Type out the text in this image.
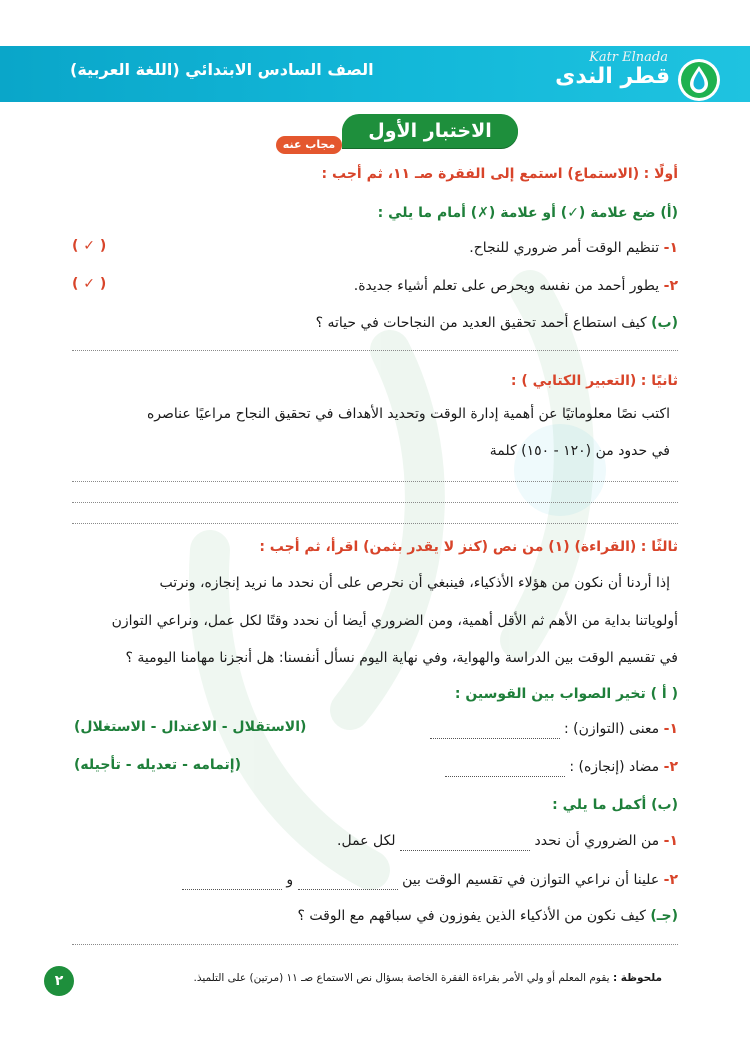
الصف السادس الابتدائي (اللغة العربية)
Katr Elnada
قطر الندى
الاختبار الأول
مجاب عنه
أولًا : (الاستماع) استمع إلى الفقرة صـ ١١، ثم أجب :
(أ) ضع علامة (✓) أو علامة (✗) أمام ما يلي :
١- تنظيم الوقت أمر ضروري للنجاح.
( ✓ )
٢- يطور أحمد من نفسه ويحرص على تعلم أشياء جديدة.
( ✓ )
(ب) كيف استطاع أحمد تحقيق العديد من النجاحات في حياته ؟
ثانيًا : (التعبير الكتابي ) :
اكتب نصًا معلوماتيًا عن أهمية إدارة الوقت وتحديد الأهداف في تحقيق النجاح مراعيًا عناصره
في حدود من (١٢٠ - ١٥٠) كلمة
ثالثًا : (القراءة) (١) من نص (كنز لا يقدر بثمن) اقرأ، ثم أجب :
إذا أردنا أن نكون من هؤلاء الأذكياء، فينبغي أن نحرص على أن نحدد ما نريد إنجازه، ونرتب
أولوياتنا بداية من الأهم ثم الأقل أهمية، ومن الضروري أيضا أن نحدد وقتًا لكل عمل، ونراعي التوازن
في تقسيم الوقت بين الدراسة والهواية، وفي نهاية اليوم نسأل أنفسنا: هل أنجزنا مهامنا اليومية ؟
( أ ) تخير الصواب بين القوسين :
١- معنى (التوازن) :
(الاستقلال - الاعتدال - الاستغلال)
٢- مضاد (إنجازه) :
(إتمامه - تعديله - تأجيله)
(ب) أكمل ما يلي :
١- من الضروري أن نحدد  لكل عمل.
٢- علينا أن نراعي التوازن في تقسيم الوقت بين  و
(جـ) كيف نكون من الأذكياء الذين يفوزون في سباقهم مع الوقت ؟
٢	ملحوظة : يقوم المعلم أو ولي الأمر بقراءة الفقرة الخاصة بسؤال نص الاستماع صـ ١١ (مرتين) على التلميذ.
